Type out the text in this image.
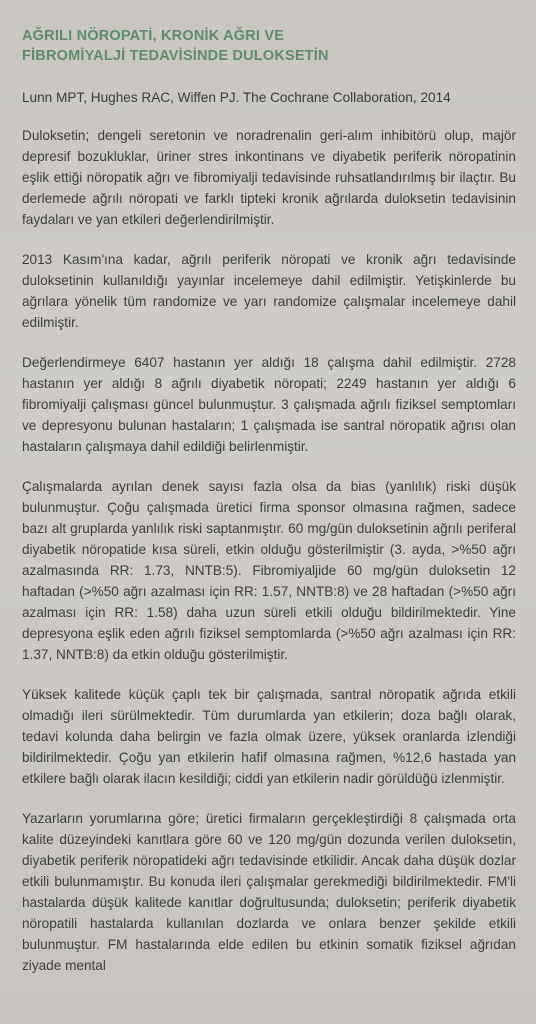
AĞRILI NÖROPATİ, KRONİK AĞRI VE
FİBROMİYALJİ TEDAVİSİNDE DULOKSETİN

Lunn MPT, Hughes RAC, Wiffen PJ. The Cochrane Collaboration, 2014

Duloksetin; dengeli seretonin ve noradrenalin geri-alım inhibitörü olup, majör depresif bozukluklar, üriner stres inkontinans ve diyabetik periferik nöropatinin eşlik ettiği nöropatik ağrı ve fibromiyalji tedavisinde ruhsatlandırılmış bir ilaçtır. Bu derlemede ağrılı nöropati ve farklı tipteki kronik ağrılarda duloksetin tedavisinin faydaları ve yan etkileri değerlendirilmiştir.

2013 Kasım'ına kadar, ağrılı periferik nöropati ve kronik ağrı tedavisinde duloksetinin kullanıldığı yayınlar incelemeye dahil edilmiştir. Yetişkinlerde bu ağrılara yönelik tüm randomize ve yarı randomize çalışmalar incelemeye dahil edilmiştir.

Değerlendirmeye 6407 hastanın yer aldığı 18 çalışma dahil edilmiştir. 2728 hastanın yer aldığı 8 ağrılı diyabetik nöropati; 2249 hastanın yer aldığı 6 fibromiyalji çalışması güncel bulunmuştur. 3 çalışmada ağrılı fiziksel semptomları ve depresyonu bulunan hastaların; 1 çalışmada ise santral nöropatik ağrısı olan hastaların çalışmaya dahil edildiği belirlenmiştir.

Çalışmalarda ayrılan denek sayısı fazla olsa da bias (yanlılık) riski düşük bulunmuştur. Çoğu çalışmada üretici firma sponsor olmasına rağmen, sadece bazı alt gruplarda yanlılık riski saptanmıştır. 60 mg/gün duloksetinin ağrılı periferal diyabetik nöropatide kısa süreli, etkin olduğu gösterilmiştir (3. ayda, >%50 ağrı azalmasında RR: 1.73, NNTB:5). Fibromiyaljide 60 mg/gün duloksetin 12 haftadan (>%50 ağrı azalması için RR: 1.57, NNTB:8) ve 28 haftadan (>%50 ağrı azalması için RR: 1.58) daha uzun süreli etkili olduğu bildirilmektedir. Yine depresyona eşlik eden ağrılı fiziksel semptomlarda (>%50 ağrı azalması için RR: 1.37, NNTB:8) da etkin olduğu gösterilmiştir.

Yüksek kalitede küçük çaplı tek bir çalışmada, santral nöropatik ağrıda etkili olmadığı ileri sürülmektedir. Tüm durumlarda yan etkilerin; doza bağlı olarak, tedavi kolunda daha belirgin ve fazla olmak üzere, yüksek oranlarda izlendiği bildirilmektedir. Çoğu yan etkilerin hafif olmasına rağmen, %12,6 hastada yan etkilere bağlı olarak ilacın kesildiği; ciddi yan etkilerin nadir görüldüğü izlenmiştir.

Yazarların yorumlarına göre; üretici firmaların gerçekleştirdiği 8 çalışmada orta kalite düzeyindeki kanıtlara göre 60 ve 120 mg/gün dozunda verilen duloksetin, diyabetik periferik nöropatideki ağrı tedavisinde etkilidir. Ancak daha düşük dozlar etkili bulunmamıştır. Bu konuda ileri çalışmalar gerekmediği bildirilmektedir. FM'li hastalarda düşük kalitede kanıtlar doğrultusunda; duloksetin; periferik diyabetik nöropatili hastalarda kullanılan dozlarda ve onlara benzer şekilde etkili bulunmuştur. FM hastalarında elde edilen bu etkinin somatik fiziksel ağrıdan ziyade mental
